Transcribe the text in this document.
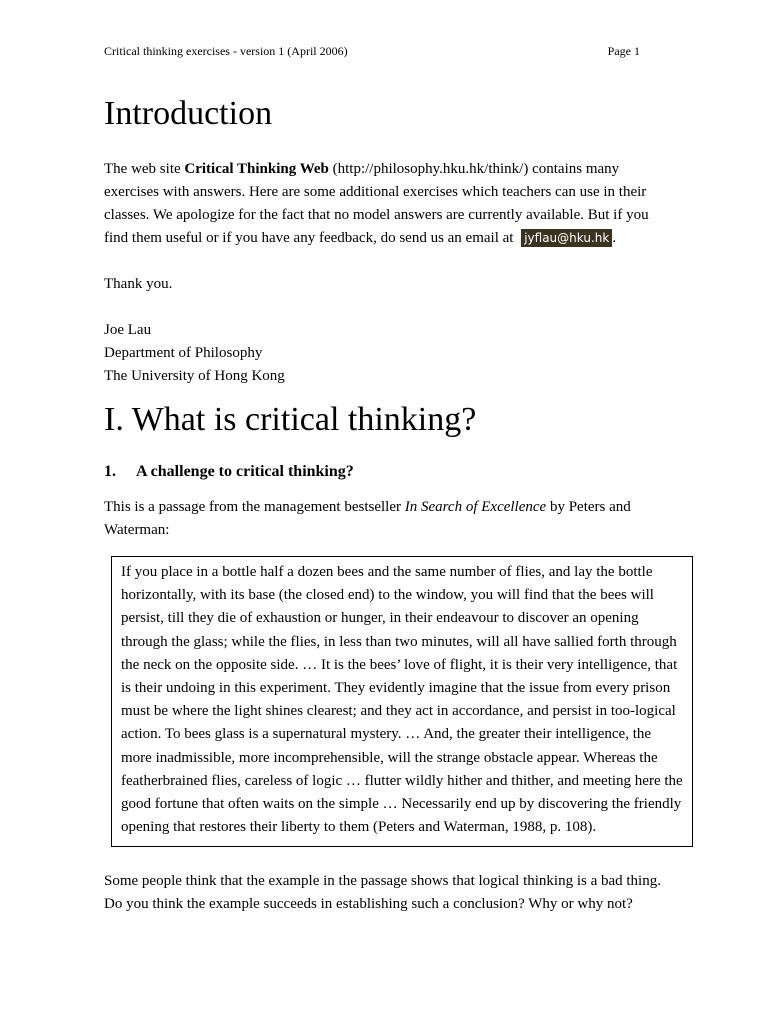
Critical thinking exercises - version 1 (April 2006)	Page 1
Introduction

The web site Critical Thinking Web (http://philosophy.hku.hk/think/) contains many exercises with answers. Here are some additional exercises which teachers can use in their classes. We apologize for the fact that no model answers are currently available. But if you find them useful or if you have any feedback, do send us an email at jyflau@hku.hk .

Thank you.

Joe Lau

Department of Philosophy

The University of Hong Kong

I. What is critical thinking?
1. A challenge to critical thinking?

This is a passage from the management bestseller In Search of Excellence by Peters and Waterman:

If you place in a bottle half a dozen bees and the same number of flies, and lay the bottle horizontally, with its base (the closed end) to the window, you will find that the bees will persist, till they die of exhaustion or hunger, in their endeavour to discover an opening through the glass; while the flies, in less than two minutes, will all have sallied forth through the neck on the opposite side. … It is the bees’ love of flight, it is their very intelligence, that is their undoing in this experiment. They evidently imagine that the issue from every prison must be where the light shines clearest; and they act in accordance, and persist in too-logical action. To bees glass is a supernatural mystery. … And, the greater their intelligence, the more inadmissible, more incomprehensible, will the strange obstacle appear. Whereas the featherbrained flies, careless of logic … flutter wildly hither and thither, and meeting here the good fortune that often waits on the simple … Necessarily end up by discovering the friendly opening that restores their liberty to them (Peters and Waterman, 1988, p. 108).

Some people think that the example in the passage shows that logical thinking is a bad thing. Do you think the example succeeds in establishing such a conclusion? Why or why not?
